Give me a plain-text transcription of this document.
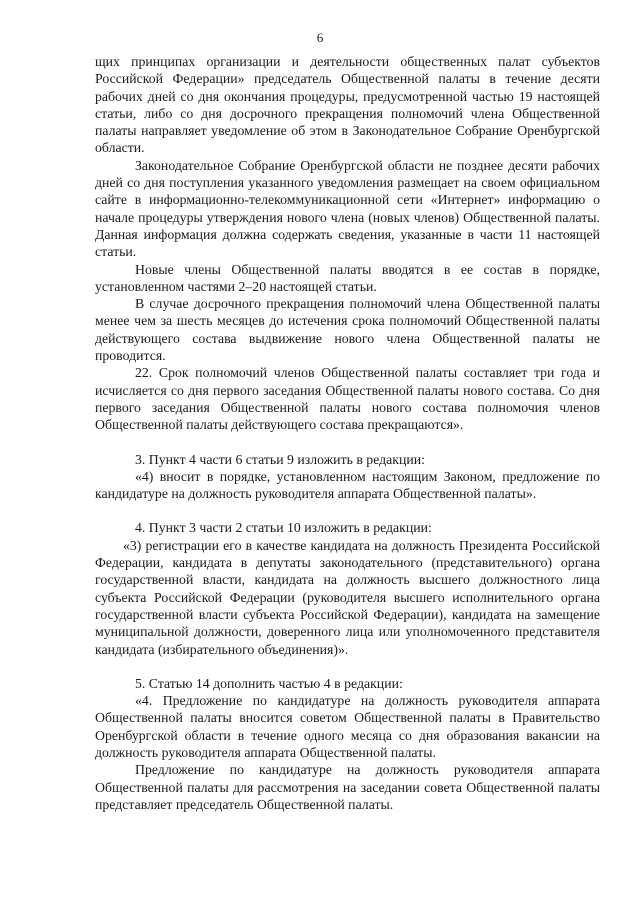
6

щих принципах организации и деятельности общественных палат субъектов Российской Федерации» председатель Общественной палаты в течение десяти рабочих дней со дня окончания процедуры, предусмотренной частью 19 настоящей статьи, либо со дня досрочного прекращения полномочий члена Общественной палаты направляет уведомление об этом в Законодательное Собрание Оренбургской области.

Законодательное Собрание Оренбургской области не позднее десяти рабочих дней со дня поступления указанного уведомления размещает на своем официальном сайте в информационно-телекоммуникационной сети «Интернет» информацию о начале процедуры утверждения нового члена (новых членов) Общественной палаты. Данная информация должна содержать сведения, указанные в части 11 настоящей статьи.

Новые члены Общественной палаты вводятся в ее состав в порядке, установленном частями 2–20 настоящей статьи.

В случае досрочного прекращения полномочий члена Общественной палаты менее чем за шесть месяцев до истечения срока полномочий Общественной палаты действующего состава выдвижение нового члена Общественной палаты не проводится.

22. Срок полномочий членов Общественной палаты составляет три года и исчисляется со дня первого заседания Общественной палаты нового состава. Со дня первого заседания Общественной палаты нового состава полномочия членов Общественной палаты действующего состава прекращаются».

3. Пункт 4 части 6 статьи 9 изложить в редакции:

«4) вносит в порядке, установленном настоящим Законом, предложение по кандидатуре на должность руководителя аппарата Общественной палаты».

4. Пункт 3 части 2 статьи 10 изложить в редакции:

«3) регистрации его в качестве кандидата на должность Президента Российской Федерации, кандидата в депутаты законодательного (представительного) органа государственной власти, кандидата на должность высшего должностного лица субъекта Российской Федерации (руководителя высшего исполнительного органа государственной власти субъекта Российской Федерации), кандидата на замещение муниципальной должности, доверенного лица или уполномоченного представителя кандидата (избирательного объединения)».

5. Статью 14 дополнить частью 4 в редакции:

«4. Предложение по кандидатуре на должность руководителя аппарата Общественной палаты вносится советом Общественной палаты в Правительство Оренбургской области в течение одного месяца со дня образования вакансии на должность руководителя аппарата Общественной палаты.

Предложение по кандидатуре на должность руководителя аппарата Общественной палаты для рассмотрения на заседании совета Общественной палаты представляет председатель Общественной палаты.
